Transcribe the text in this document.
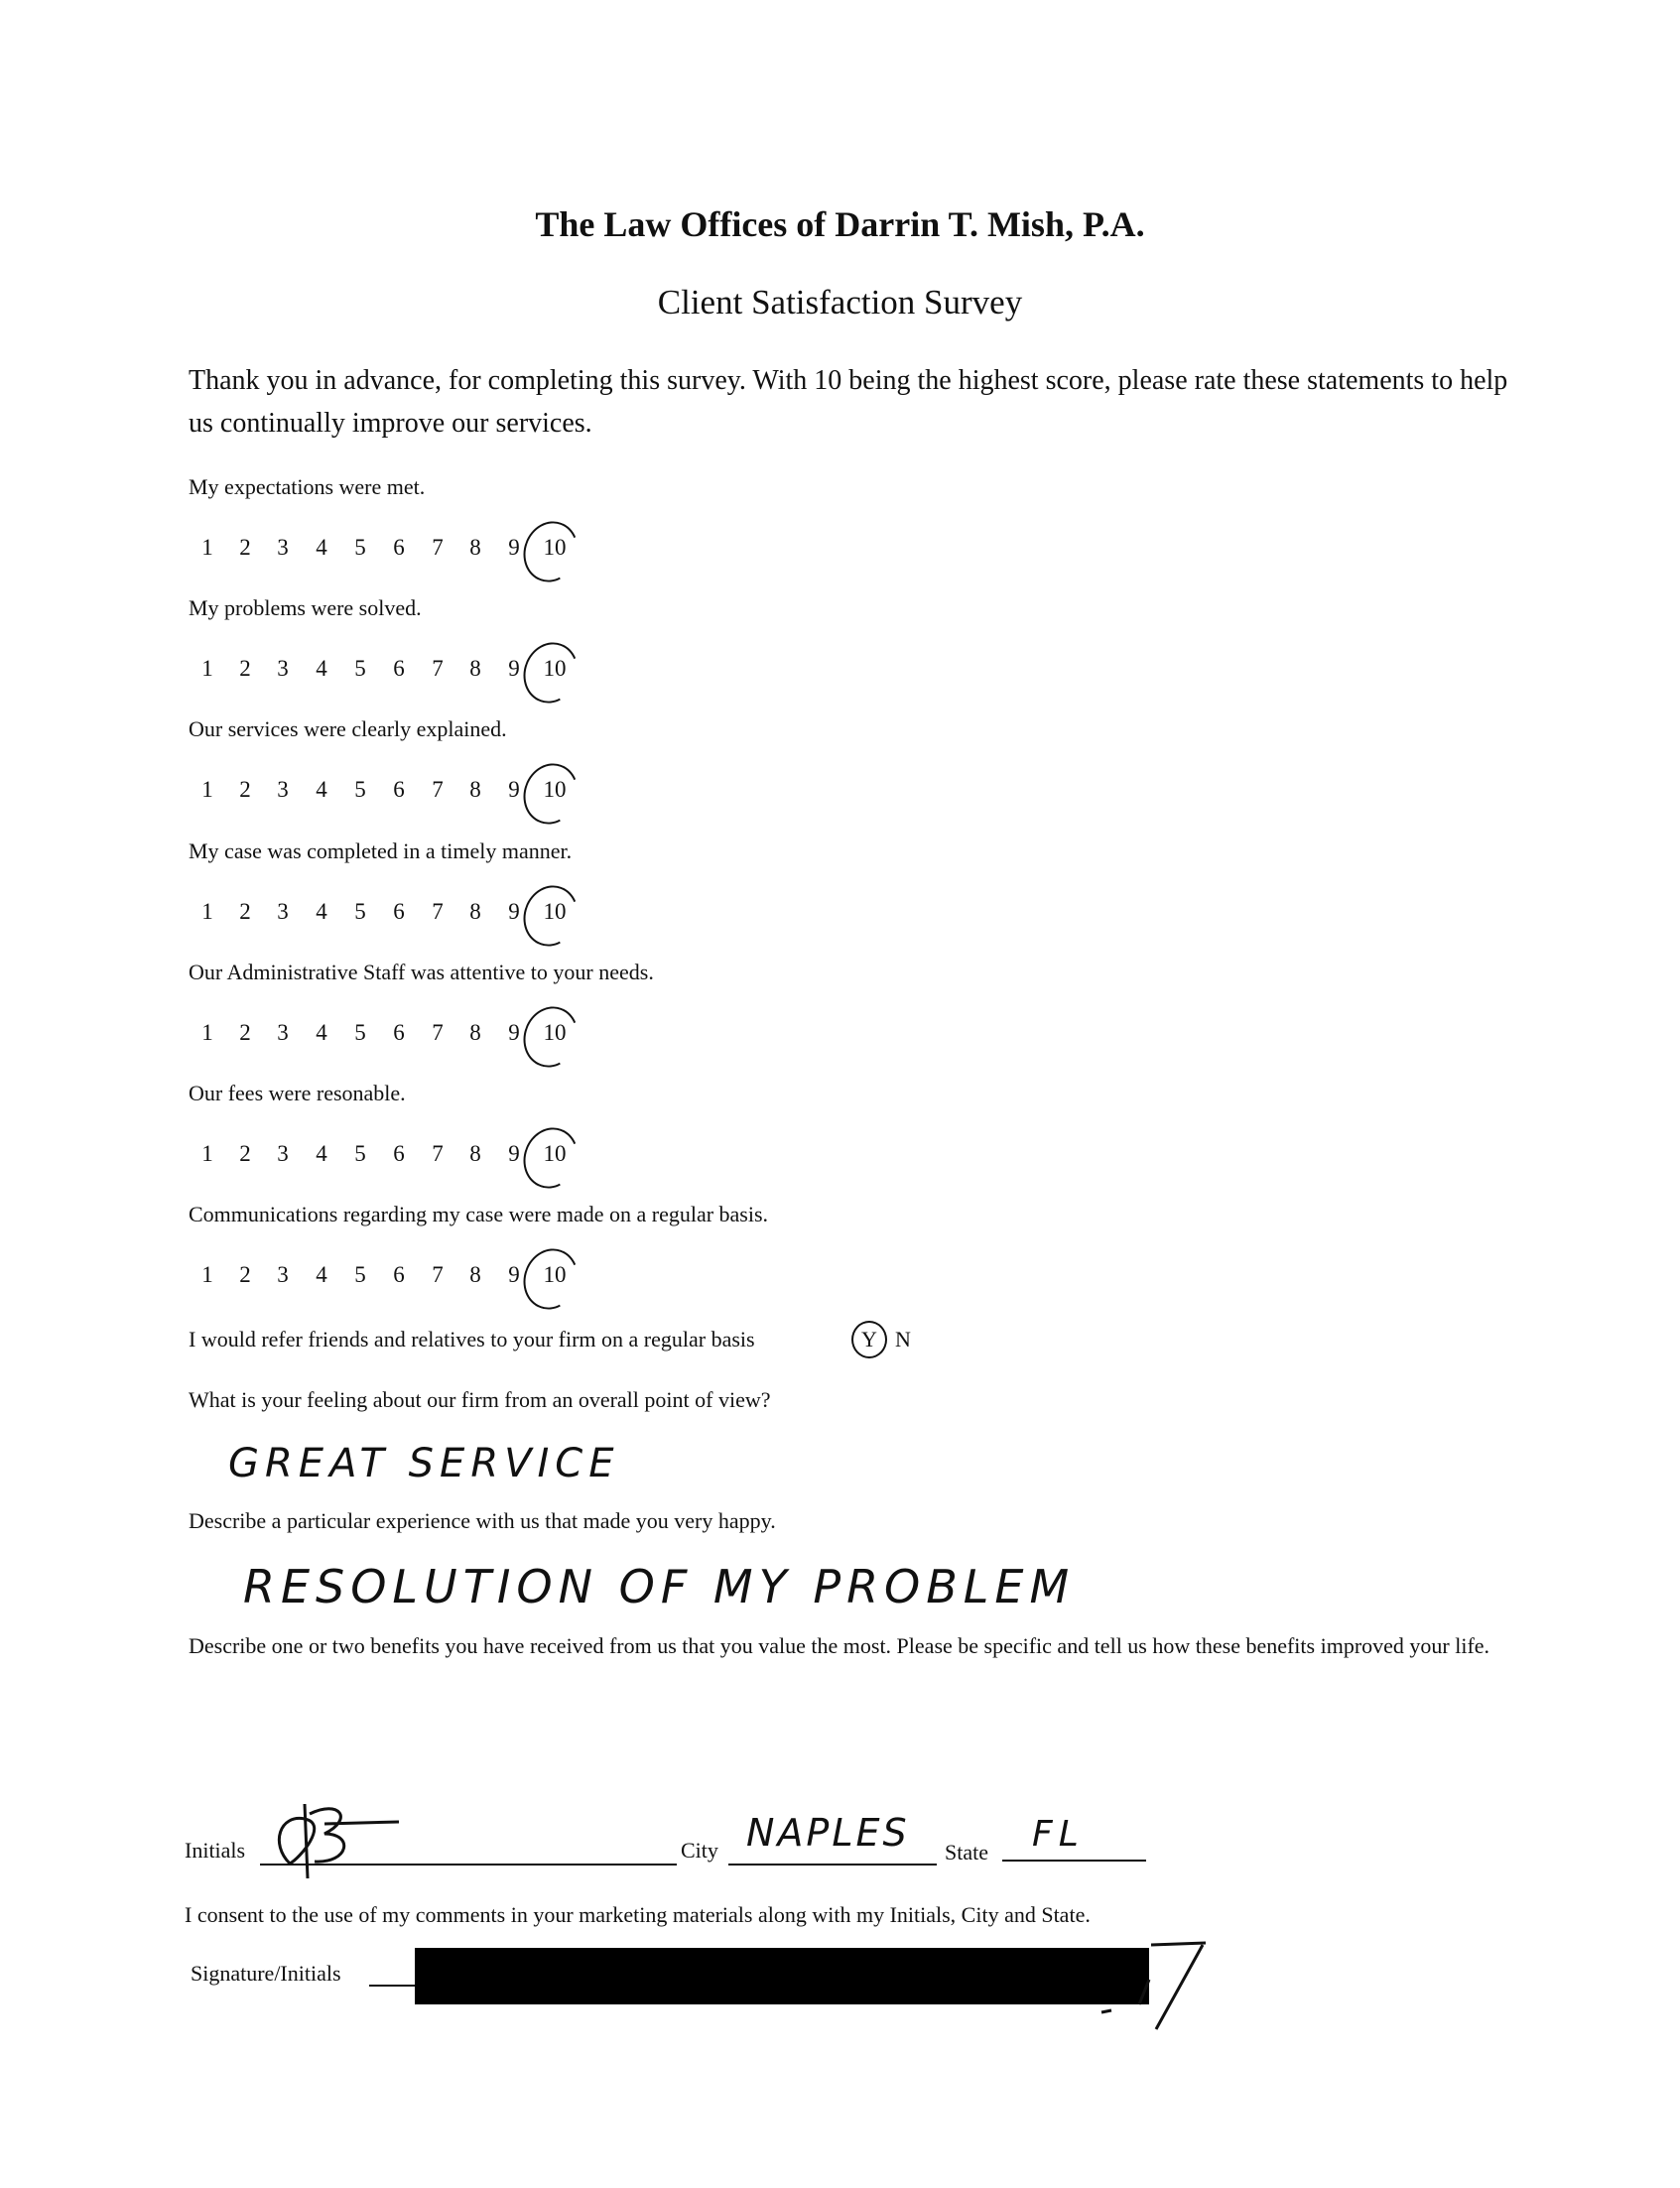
The Law Offices of Darrin T. Mish, P.A.
Client Satisfaction Survey
Thank you in advance, for completing this survey. With 10 being the highest score, please rate these statements to help us continually improve our services.
My expectations were met.
1	2	3	4	5	6	7	8	9	10
My problems were solved.
1	2	3	4	5	6	7	8	9	10
Our services were clearly explained.
1	2	3	4	5	6	7	8	9	10
My case was completed in a timely manner.
1	2	3	4	5	6	7	8	9	10
Our Administrative Staff was attentive to your needs.
1	2	3	4	5	6	7	8	9	10
Our fees were resonable.
1	2	3	4	5	6	7	8	9	10
Communications regarding my case were made on a regular basis.
1	2	3	4	5	6	7	8	9	10
I would refer friends and relatives to your firm on a regular basis	Y N
What is your feeling about our firm from an overall point of view?
GREAT SERVICE
Describe a particular experience with us that made you very happy.
RESOLUTION OF MY PROBLEM
Describe one or two benefits you have received from us that you value the most. Please be specific and tell us how these benefits improved your life.
Initials	City NAPLES State FL
I consent to the use of my comments in your marketing materials along with my Initials, City and State.
Signature/Initials
